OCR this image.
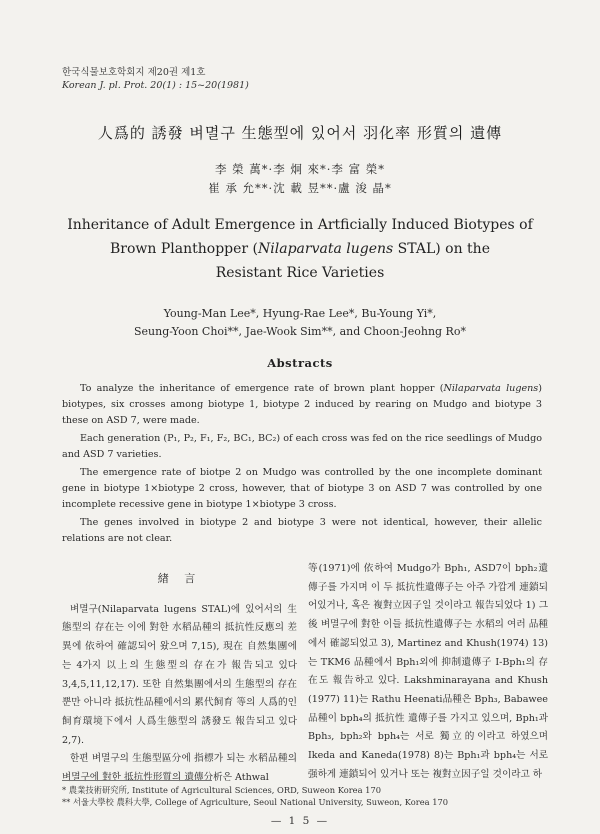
한국식물보호학회지 제20권 제1호
Korean J. pl. Prot. 20(1) : 15~20(1981)
人爲的 誘發 벼멸구 生態型에 있어서 羽化率 形質의 遺傳
李 榮 萬*·李 炯 來*·李 富 榮*
崔 承 允**·沈 載 昱**·盧 浚 晶*
Inheritance of Adult Emergence in Artficially Induced Biotypes of
Brown Planthopper (Nilaparvata lugens STAL) on the
Resistant Rice Varieties
Young-Man Lee*, Hyung-Rae Lee*, Bu-Young Yi*,
Seung-Yoon Choi**, Jae-Wook Sim**, and Choon-Jeohng Ro*
Abstracts

To analyze the inheritance of emergence rate of brown plant hopper (Nilaparvata lugens) biotypes, six crosses among biotype 1, biotype 2 induced by rearing on Mudgo and biotype 3 these on ASD 7, were made.

Each generation (P₁, P₂, F₁, F₂, BC₁, BC₂) of each cross was fed on the rice seedlings of Mudgo and ASD 7 varieties.

The emergence rate of biotpe 2 on Mudgo was controlled by the one incomplete dominant gene in biotype 1×biotype 2 cross, however, that of biotype 3 on ASD 7 was controlled by one incomplete recessive gene in biotype 1×biotype 3 cross.

The genes involved in biotype 2 and biotype 3 were not identical, however, their allelic relations are not clear.

緖 言

벼멸구(Nilaparvata lugens STAL)에 있어서의 生態型의 存在는 이에 對한 水稻品種의 抵抗性反應의 差異에 依하여 確認되어 왔으며 7,15), 現在 自然集團에는 4가지 以上의 生態型의 存在가 報告되고 있다 3,4,5,11,12,17). 또한 自然集團에서의 生態型의 存在뿐만 아니라 抵抗性品種에서의 累代飼育 等의 人爲的인 飼育環境下에서 人爲生態型의 誘發도 報告되고 있다 2,7).

한편 벼멸구의 生態型區分에 指標가 되는 水稻品種의 벼멸구에 對한 抵抗性形質의 遺傳分析은 Athwal

等(1971)에 依하여 Mudgo가 Bph₁, ASD7이 bph₂遺傳子를 가지며 이 두 抵抗性遺傳子는 아주 가깝게 連鎖되어있거나, 혹은 複對立因子일 것이라고 報告되었다 1) 그後 벼멸구에 對한 이들 抵抗性遺傳子는 水稻의 여러 品種에서 確認되었고 3), Martinez and Khush(1974) 13)는 TKM6 品種에서 Bph₁외에 抑制遺傳子 I-Bph₁의 存在도 報告하고 있다. Lakshminarayana and Khush (1977) 11)는 Rathu Heenati品種은 Bph₃, Babawee 品種이 bph₄의 抵抗性 遺傳子를 가지고 있으며, Bph₁과 Bph₃, bph₂와 bph₄는 서로 獨立的이라고 하였으며 Ikeda and Kaneda(1978) 8)는 Bph₁과 bph₄는 서로 强하게 連鎖되어 있거나 또는 複對立因子일 것이라고 하

* 農業技術研究所, Institute of Agricultural Sciences, ORD, Suweon Korea 170
** 서울大學校 農科大學, College of Agriculture, Seoul National University, Suweon, Korea 170
— 1 5 —
